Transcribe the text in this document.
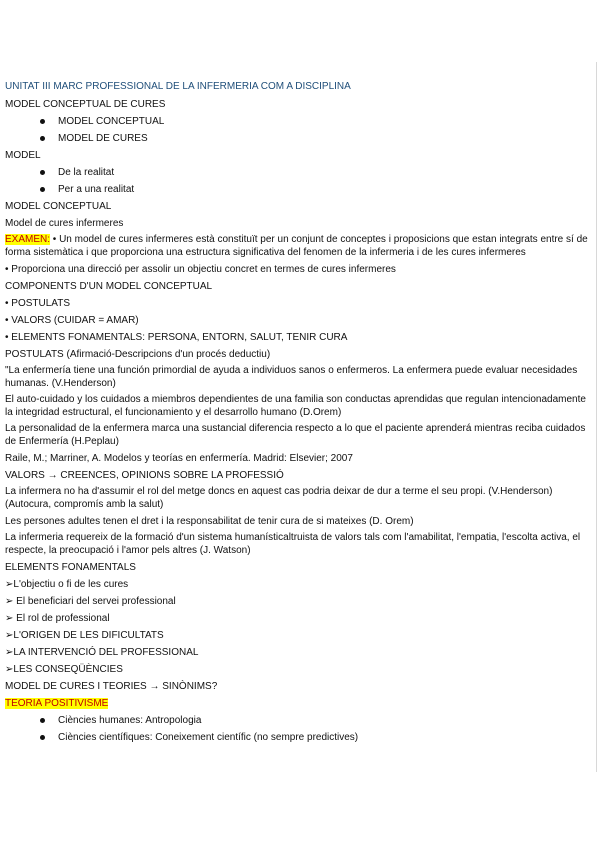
UNITAT III MARC PROFESSIONAL DE LA INFERMERIA COM A DISCIPLINA

MODEL CONCEPTUAL DE CURES

MODEL CONCEPTUAL
MODEL DE CURES

MODEL

De la realitat
Per a una realitat

MODEL CONCEPTUAL

Model de cures infermeres

EXAMEN: • Un model de cures infermeres està constituït per un conjunt de conceptes i proposicions que estan integrats entre sí de forma sistemàtica i que proporciona una estructura significativa del fenomen de la infermeria i de les cures infermeres

• Proporciona una direcció per assolir un objectiu concret en termes de cures infermeres

COMPONENTS D'UN MODEL CONCEPTUAL

• POSTULATS

• VALORS (CUIDAR = AMAR)

• ELEMENTS FONAMENTALS: PERSONA, ENTORN, SALUT, TENIR CURA

POSTULATS (Afirmació-Descripcions d'un procés deductiu)

"La enfermería tiene una función primordial de ayuda a individuos sanos o enfermeros. La enfermera puede evaluar necesidades humanas. (V.Henderson)

El auto-cuidado y los cuidados a miembros dependientes de una familia son conductas aprendidas que regulan intencionadamente la integridad estructural, el funcionamiento y el desarrollo humano (D.Orem)

La personalidad de la enfermera marca una sustancial diferencia respecto a lo que el paciente aprenderá mientras reciba cuidados de Enfermería (H.Peplau)

Raile, M.; Marriner, A. Modelos y teorías en enfermería. Madrid: Elsevier; 2007

VALORS → CREENCES, OPINIONS SOBRE LA PROFESSIÓ

La infermera no ha d'assumir el rol del metge doncs en aquest cas podria deixar de dur a terme el seu propi. (V.Henderson) (Autocura, compromís amb la salut)

Les persones adultes tenen el dret i la responsabilitat de tenir cura de si mateixes (D. Orem)

La infermeria requereix de la formació d'un sistema humanísticaltruista de valors tals com l'amabilitat, l'empatia, l'escolta activa, el respecte, la preocupació i l'amor pels altres (J. Watson)

ELEMENTS FONAMENTALS

➢L'objectiu o fi de les cures

➢ El beneficiari del servei professional

➢ El rol de professional

➢L'ORIGEN DE LES DIFICULTATS

➢LA INTERVENCIÓ DEL PROFESSIONAL

➢LES CONSEQÜÈNCIES

MODEL DE CURES I TEORIES → SINÒNIMS?

TEORIA POSITIVISME

Ciències humanes: Antropologia
Ciències científiques: Coneixement científic (no sempre predictives)
